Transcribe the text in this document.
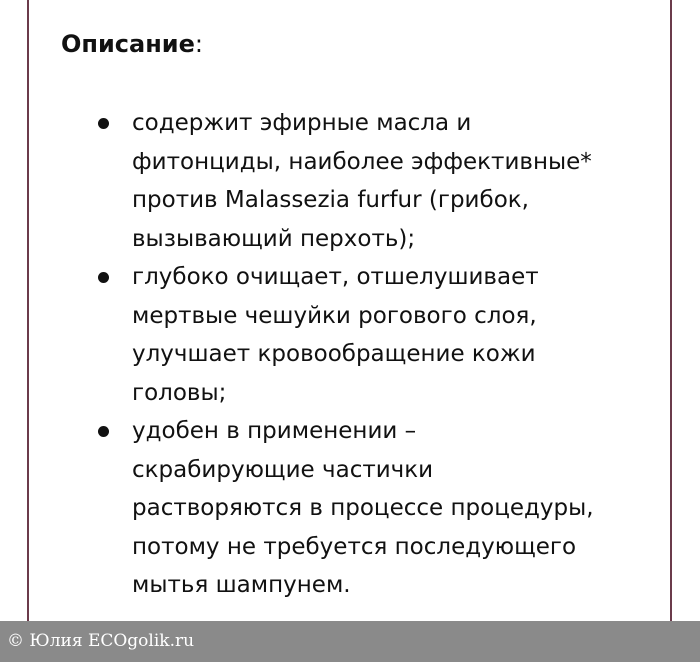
Описание:

содержит эфирные масла и
фитонциды, наиболее эффективные*
против Malassezia furfur (грибок,
вызывающий перхоть);
глубоко очищает, отшелушивает
мертвые чешуйки рогового слоя,
улучшает кровообращение кожи
головы;
удобен в применении –
скрабирующие частички
растворяются в процессе процедуры,
потому не требуется последующего
мытья шампунем.
© Юлия ECOgolik.ru
